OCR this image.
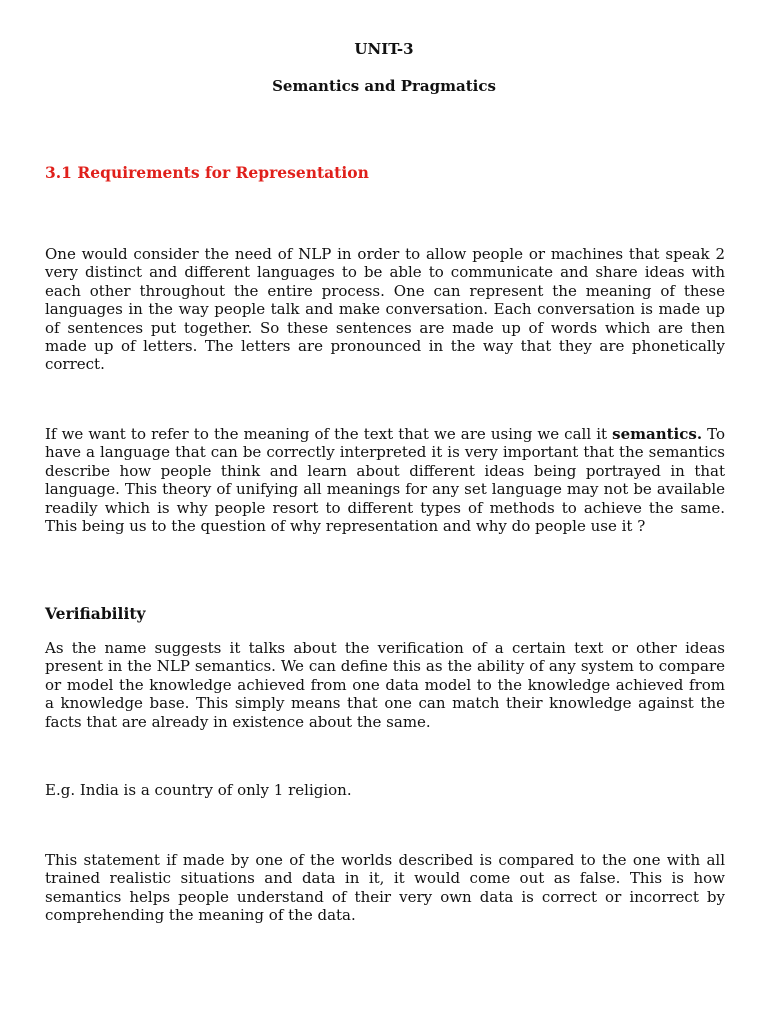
UNIT-3
Semantics and Pragmatics
3.1 Requirements for Representation

One would consider the need of NLP in order to allow people or machines that speak 2 very distinct and different languages to be able to communicate and share ideas with each other throughout the entire process. One can represent the meaning of these languages in the way people talk and make conversation. Each conversation is made up of sentences put together. So these sentences are made up of words which are then made up of letters. The letters are pronounced in the way that they are phonetically correct.

If we want to refer to the meaning of the text that we are using we call it semantics. To have a language that can be correctly interpreted it is very important that the semantics describe how people think and learn about different ideas being portrayed in that language. This theory of unifying all meanings for any set language may not be available readily which is why people resort to different types of methods to achieve the same. This being us to the question of why representation and why do people use it ?

Verifiability

As the name suggests it talks about the verification of a certain text or other ideas present in the NLP semantics. We can define this as the ability of any system to compare or model the knowledge achieved from one data model to the knowledge achieved from a knowledge base. This simply means that one can match their knowledge against the facts that are already in existence about the same.

E.g. India is a country of only 1 religion.

This statement if made by one of the worlds described is compared to the one with all trained realistic situations and data in it, it would come out as false. This is how semantics helps people understand of their very own data is correct or incorrect by comprehending the meaning of the data.
